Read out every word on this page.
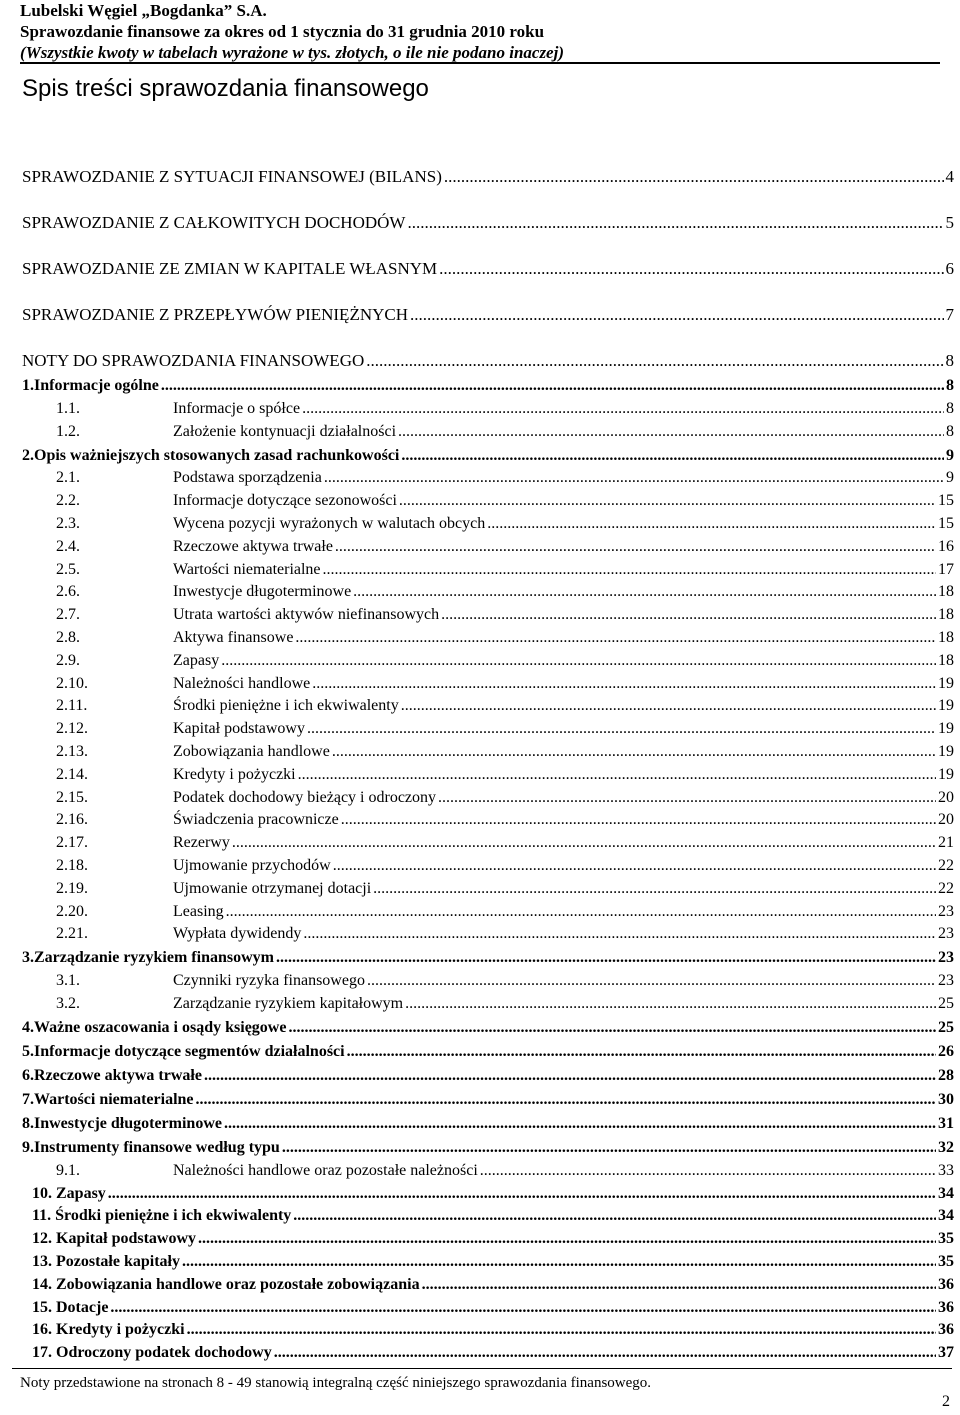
Lubelski Węgiel „Bogdanka” S.A.
Sprawozdanie finansowe za okres od 1 stycznia do 31 grudnia 2010 roku
(Wszystkie kwoty w tabelach wyrażone w tys. złotych, o ile nie podano inaczej)
Spis treści sprawozdania finansowego
SPRAWOZDANIE Z SYTUACJI FINANSOWEJ (BILANS) .....	4
SPRAWOZDANIE Z CAŁKOWITYCH DOCHODÓW .....	5
SPRAWOZDANIE ZE ZMIAN W KAPITALE WŁASNYM .....	6
SPRAWOZDANIE Z PRZEPŁYWÓW PIENIĘŻNYCH .....	7
NOTY DO SPRAWOZDANIA FINANSOWEGO .....	8
1. Informacje ogólne .....	8
1.1.	Informacje o spółce .....	8
1.2.	Założenie kontynuacji działalności .....	8
2. Opis ważniejszych stosowanych zasad rachunkowości .....	9
2.1.	Podstawa sporządzenia .....	9
2.2.	Informacje dotyczące sezonowości .....	15
2.3.	Wycena pozycji wyrażonych w walutach obcych .....	15
2.4.	Rzeczowe aktywa trwałe .....	16
2.5.	Wartości niematerialne .....	17
2.6.	Inwestycje długoterminowe .....	18
2.7.	Utrata wartości aktywów niefinansowych .....	18
2.8.	Aktywa finansowe .....	18
2.9.	Zapasy .....	18
2.10.	Należności handlowe .....	19
2.11.	Środki pieniężne i ich ekwiwalenty .....	19
2.12.	Kapitał podstawowy .....	19
2.13.	Zobowiązania handlowe .....	19
2.14.	Kredyty i pożyczki .....	19
2.15.	Podatek dochodowy bieżący i odroczony .....	20
2.16.	Świadczenia pracownicze .....	20
2.17.	Rezerwy .....	21
2.18.	Ujmowanie przychodów .....	22
2.19.	Ujmowanie otrzymanej dotacji .....	22
2.20.	Leasing .....	23
2.21.	Wypłata dywidendy .....	23
3. Zarządzanie ryzykiem finansowym .....	23
3.1.	Czynniki ryzyka finansowego .....	23
3.2.	Zarządzanie ryzykiem kapitałowym .....	25
4. Ważne oszacowania i osądy księgowe .....	25
5. Informacje dotyczące segmentów działalności .....	26
6. Rzeczowe aktywa trwałe .....	28
7. Wartości niematerialne .....	30
8. Inwestycje długoterminowe .....	31
9. Instrumenty finansowe według typu .....	32
9.1.	Należności handlowe oraz pozostałe należności .....	33
10. Zapasy .....	34
11. Środki pieniężne i ich ekwiwalenty .....	34
12. Kapitał podstawowy .....	35
13. Pozostałe kapitały .....	35
14. Zobowiązania handlowe oraz pozostałe zobowiązania .....	36
15. Dotacje .....	36
16. Kredyty i pożyczki .....	36
17. Odroczony podatek dochodowy .....	37
Noty przedstawione na stronach 8 - 49 stanowią integralną część niniejszego sprawozdania finansowego.
2
